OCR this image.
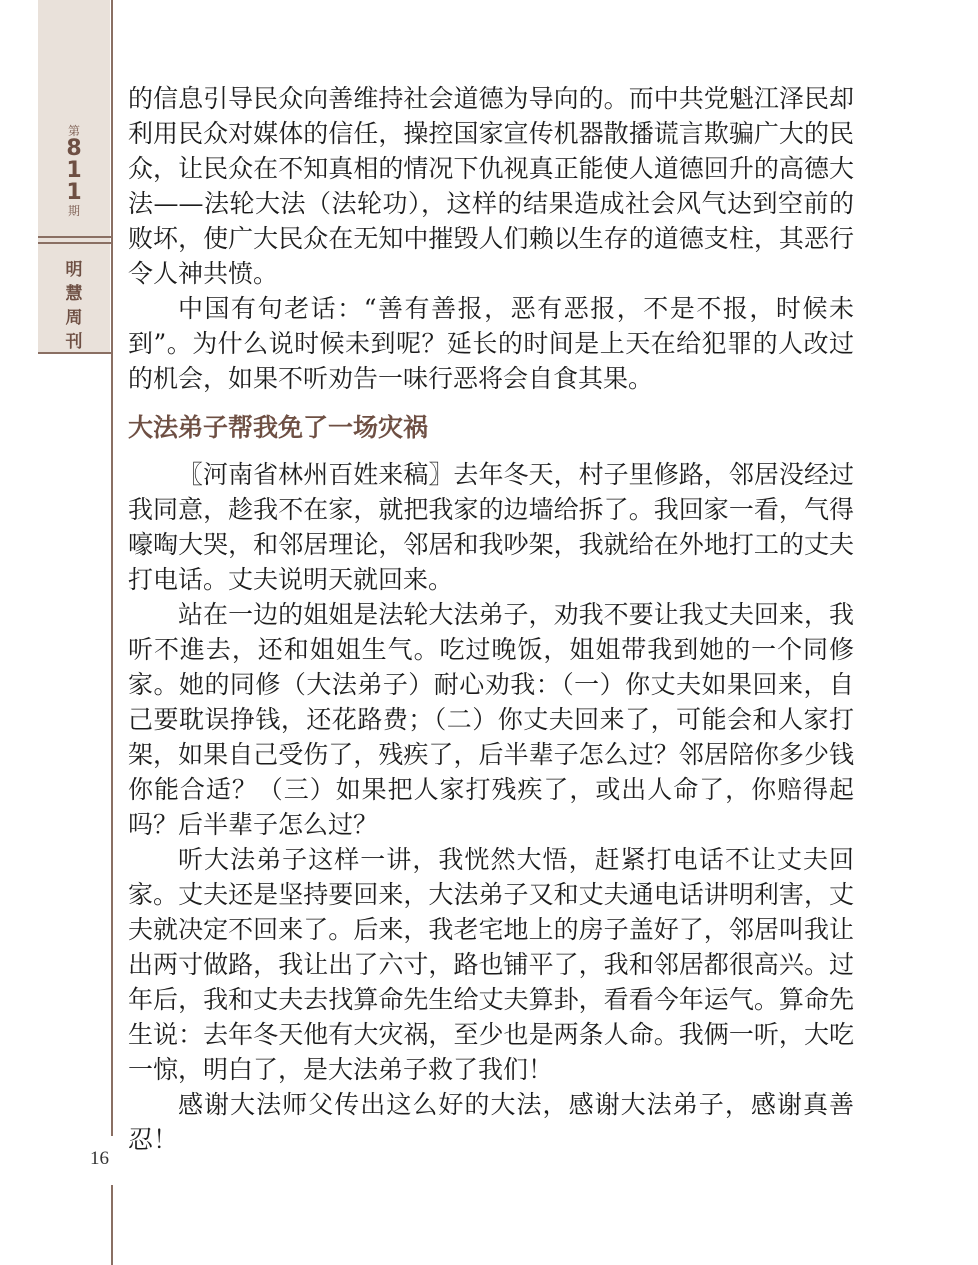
第
8
1
1
期
明
慧
周
刊
16

的信息引导民众向善维持社会道德为导向的。而中共党魁江泽民却利用民众对媒体的信任，操控国家宣传机器散播谎言欺骗广大的民众，让民众在不知真相的情况下仇视真正能使人道德回升的高德大法——法轮大法（法轮功），这样的结果造成社会风气达到空前的败坏，使广大民众在无知中摧毁人们赖以生存的道德支柱，其恶行令人神共愤。

中国有句老话：“善有善报，恶有恶报，不是不报，时候未到”。为什么说时候未到呢？延长的时间是上天在给犯罪的人改过的机会，如果不听劝告一味行恶将会自食其果。

大法弟子帮我免了一场灾祸

〖河南省林州百姓来稿〗去年冬天，村子里修路，邻居没经过我同意，趁我不在家，就把我家的边墙给拆了。我回家一看，气得嚎啕大哭，和邻居理论，邻居和我吵架，我就给在外地打工的丈夫打电话。丈夫说明天就回来。

站在一边的姐姐是法轮大法弟子，劝我不要让我丈夫回来，我听不進去，还和姐姐生气。吃过晚饭，姐姐带我到她的一个同修家。她的同修（大法弟子）耐心劝我：（一）你丈夫如果回来，自己要耽误挣钱，还花路费；（二）你丈夫回来了，可能会和人家打架，如果自己受伤了，残疾了，后半辈子怎么过？邻居陪你多少钱你能合适？（三）如果把人家打残疾了，或出人命了，你赔得起吗？后半辈子怎么过？

听大法弟子这样一讲，我恍然大悟，赶紧打电话不让丈夫回家。丈夫还是坚持要回来，大法弟子又和丈夫通电话讲明利害，丈夫就决定不回来了。后来，我老宅地上的房子盖好了，邻居叫我让出两寸做路，我让出了六寸，路也铺平了，我和邻居都很高兴。过年后，我和丈夫去找算命先生给丈夫算卦，看看今年运气。算命先生说：去年冬天他有大灾祸，至少也是两条人命。我俩一听，大吃一惊，明白了，是大法弟子救了我们！

感谢大法师父传出这么好的大法，感谢大法弟子，感谢真善忍！
